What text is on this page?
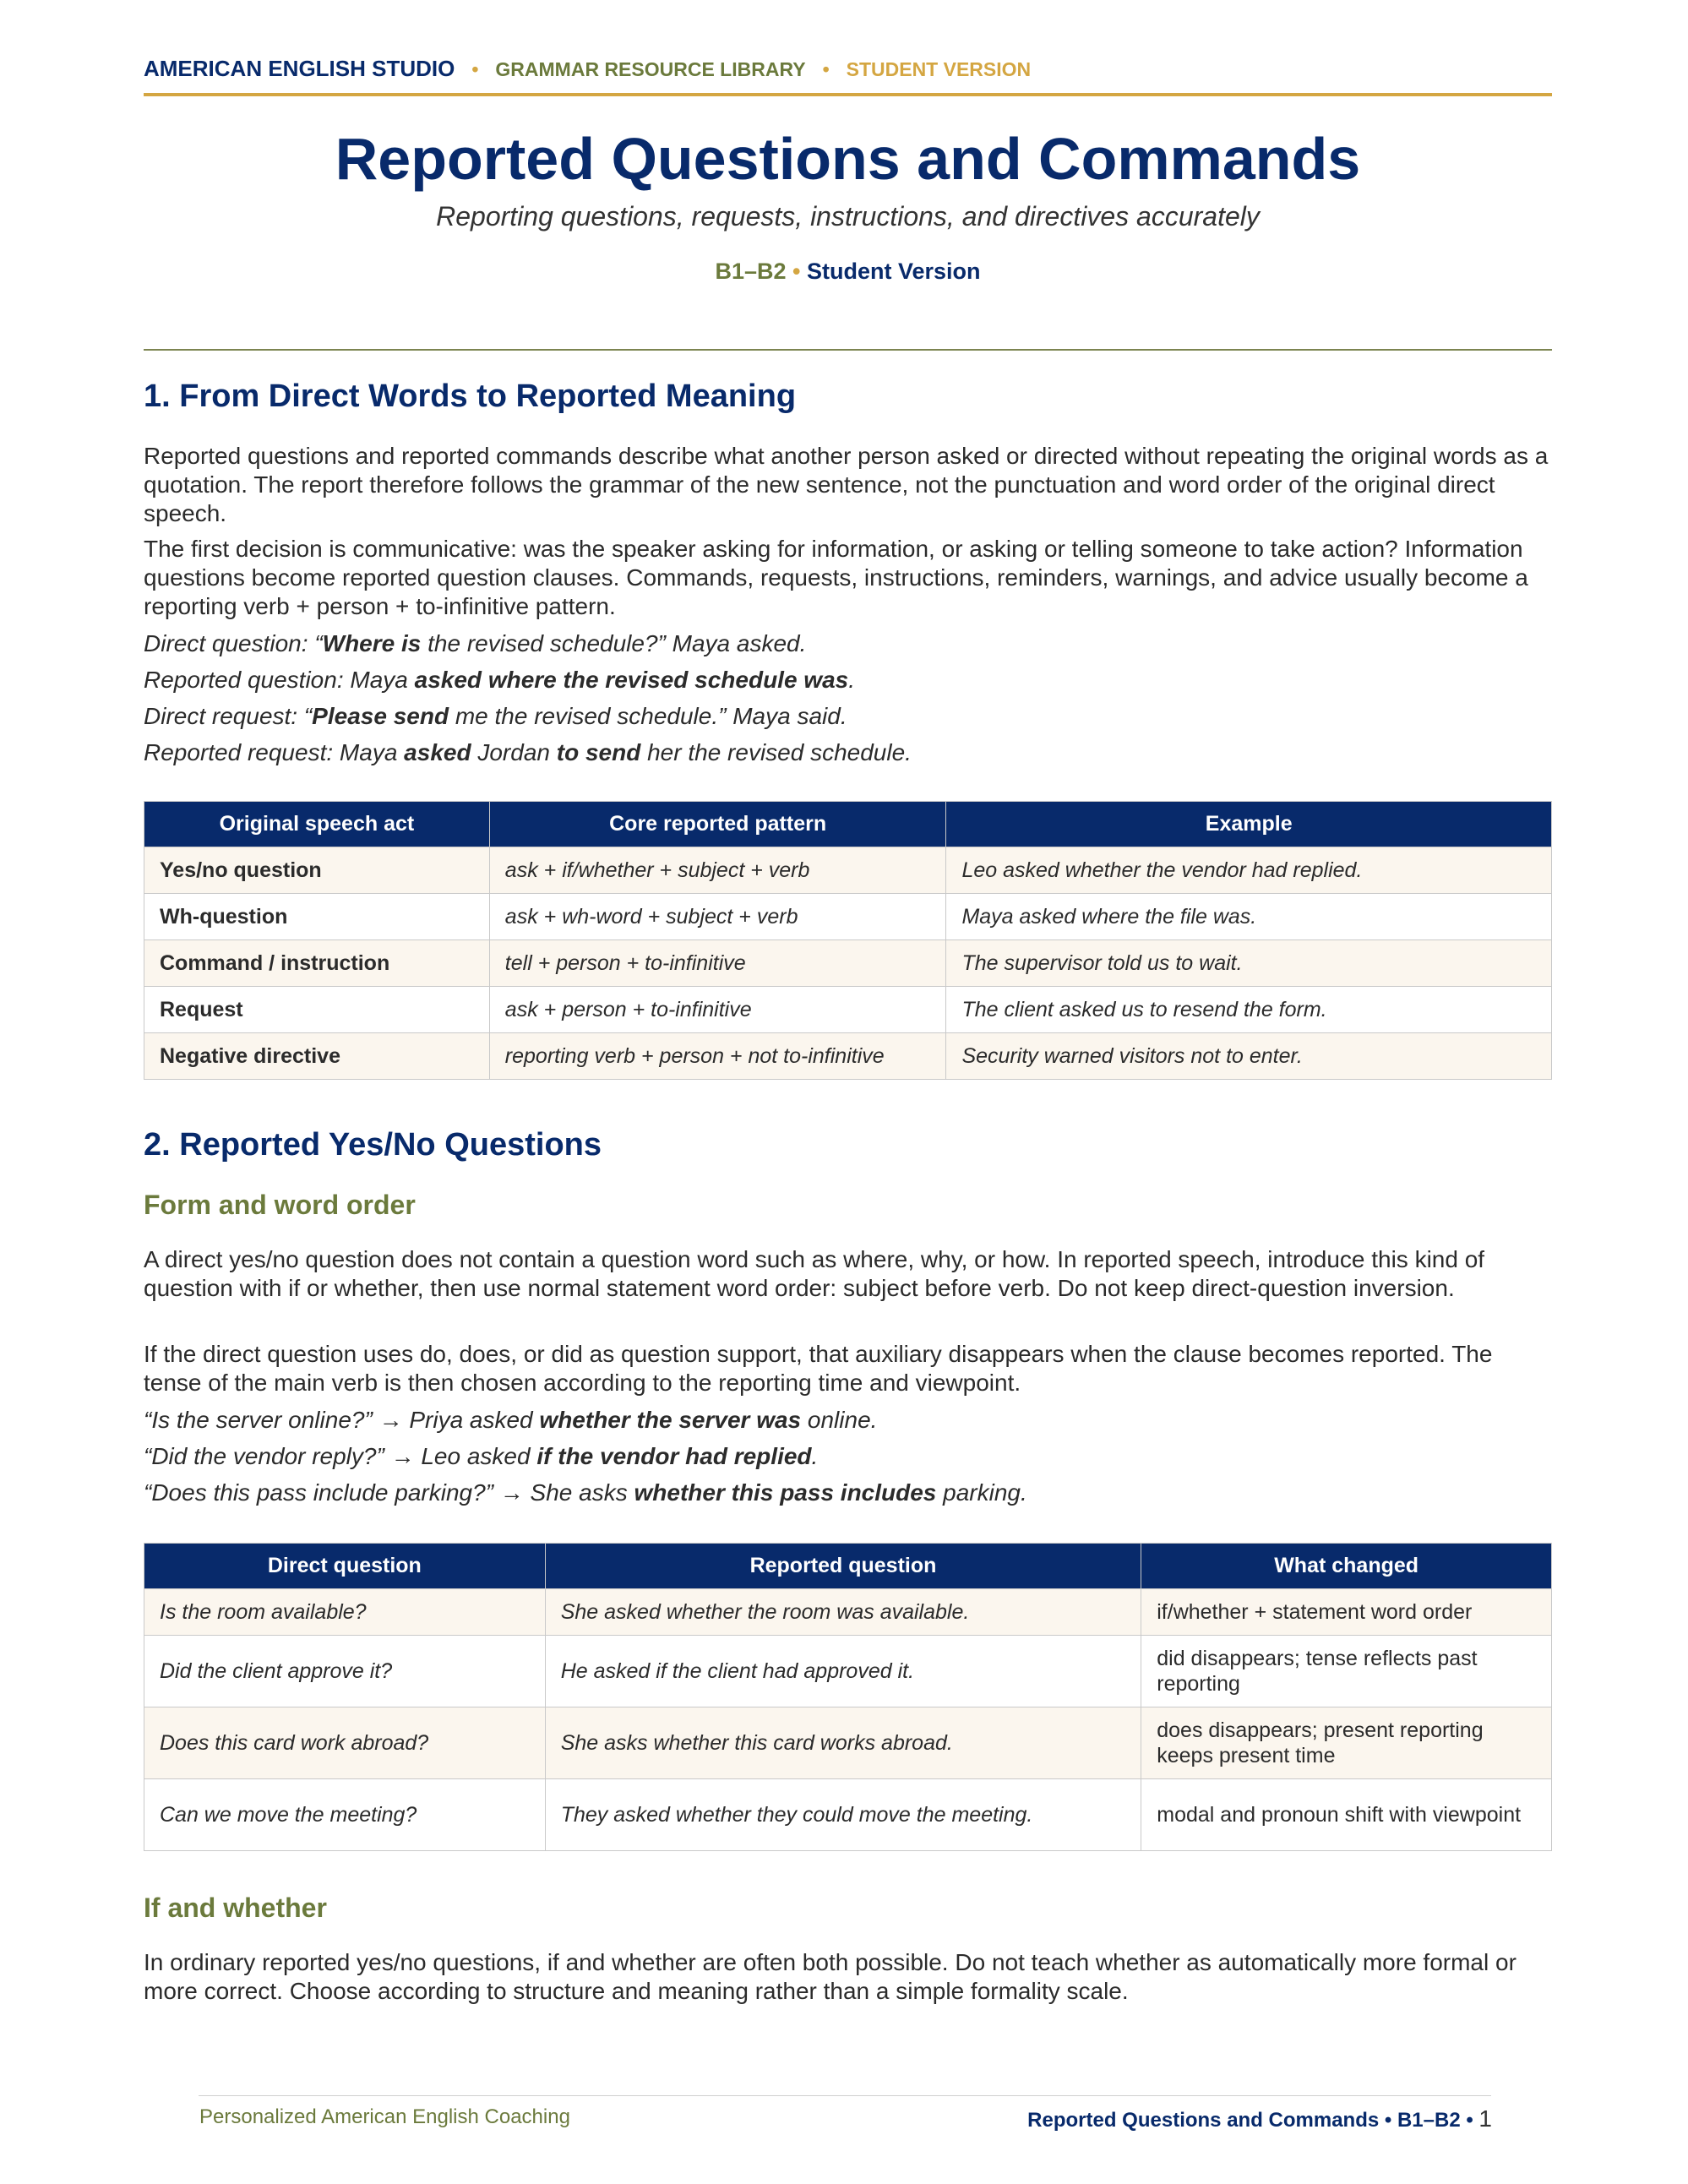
AMERICAN ENGLISH STUDIO • GRAMMAR RESOURCE LIBRARY • STUDENT VERSION
Reported Questions and Commands
Reporting questions, requests, instructions, and directives accurately
B1–B2 • Student Version
1. From Direct Words to Reported Meaning

Reported questions and reported commands describe what another person asked or directed without repeating the original words as a quotation. The report therefore follows the grammar of the new sentence, not the punctuation and word order of the original direct speech.

The first decision is communicative: was the speaker asking for information, or asking or telling someone to take action? Information questions become reported question clauses. Commands, requests, instructions, reminders, warnings, and advice usually become a reporting verb + person + to-infinitive pattern.

Direct question: “Where is the revised schedule?” Maya asked.

Reported question: Maya asked where the revised schedule was.

Direct request: “Please send me the revised schedule.” Maya said.

Reported request: Maya asked Jordan to send her the revised schedule.

Original speech act	Core reported pattern	Example
Yes/no question	ask + if/whether + subject + verb	Leo asked whether the vendor had replied.
Wh-question	ask + wh-word + subject + verb	Maya asked where the file was.
Command / instruction	tell + person + to-infinitive	The supervisor told us to wait.
Request	ask + person + to-infinitive	The client asked us to resend the form.
Negative directive	reporting verb + person + not to-infinitive	Security warned visitors not to enter.
2. Reported Yes/No Questions
Form and word order

A direct yes/no question does not contain a question word such as where, why, or how. In reported speech, introduce this kind of question with if or whether, then use normal statement word order: subject before verb. Do not keep direct-question inversion.

If the direct question uses do, does, or did as question support, that auxiliary disappears when the clause becomes reported. The tense of the main verb is then chosen according to the reporting time and viewpoint.

“Is the server online?” → Priya asked whether the server was online.

“Did the vendor reply?” → Leo asked if the vendor had replied.

“Does this pass include parking?” → She asks whether this pass includes parking.

Direct question	Reported question	What changed
Is the room available?	She asked whether the room was available.	if/whether + statement word order
Did the client approve it?	He asked if the client had approved it.	did disappears; tense reflects past reporting
Does this card work abroad?	She asks whether this card works abroad.	does disappears; present reporting keeps present time
Can we move the meeting?	They asked whether they could move the meeting.	modal and pronoun shift with viewpoint
If and whether

In ordinary reported yes/no questions, if and whether are often both possible. Do not teach whether as automatically more formal or more correct. Choose according to structure and meaning rather than a simple formality scale.

Personalized American English Coaching	Reported Questions and Commands • B1–B2 • 1
